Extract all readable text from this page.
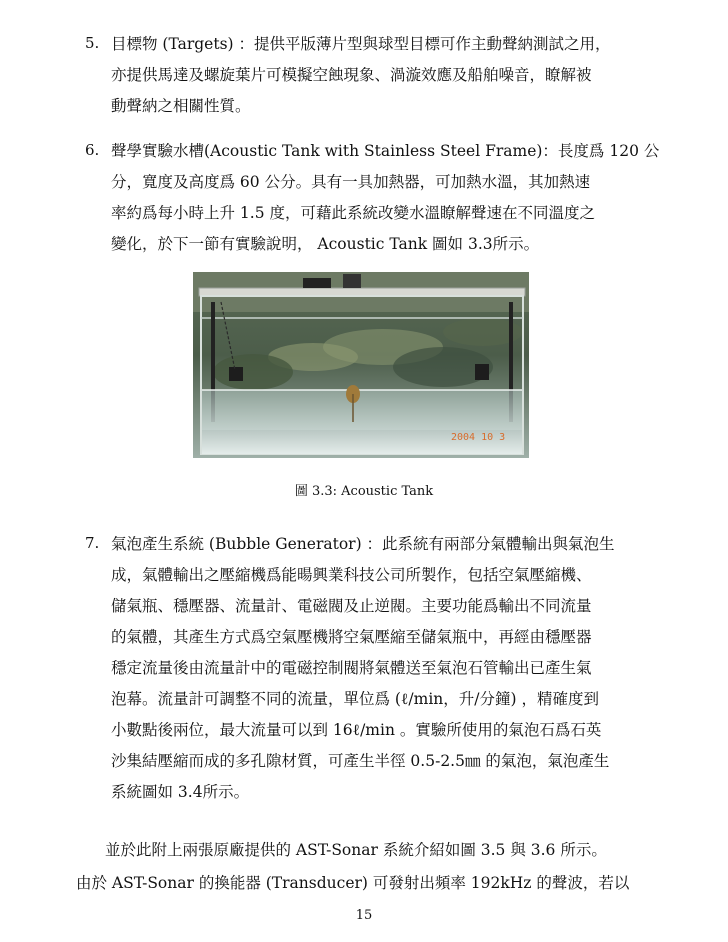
5. 目標物 (Targets) ：提供平版薄片型與球型目標可作主動聲納測試之用，
亦提供馬達及螺旋葉片可模擬空蝕現象、渦漩效應及船舶噪音，瞭解被
動聲納之相關性質。
6. 聲學實驗水槽(Acoustic Tank with Stainless Steel Frame)：長度爲 120 公
分，寬度及高度爲 60 公分。具有一具加熱器，可加熱水溫，其加熱速
率約爲每小時上升 1.5 度，可藉此系統改變水溫瞭解聲速在不同溫度之
變化，於下一節有實驗說明， Acoustic Tank 圖如 3.3所示。
2004 10 3
圖 3.3: Acoustic Tank
7. 氣泡產生系統 (Bubble Generator) ：此系統有兩部分氣體輸出與氣泡生
成，氣體輸出之壓縮機爲能暘興業科技公司所製作，包括空氣壓縮機、
儲氣瓶、穩壓器、流量計、電磁閥及止逆閥。主要功能爲輸出不同流量
的氣體，其產生方式爲空氣壓機將空氣壓縮至儲氣瓶中，再經由穩壓器
穩定流量後由流量計中的電磁控制閥將氣體送至氣泡石管輸出已產生氣
泡幕。流量計可調整不同的流量，單位爲 (ℓ/min，升/分鐘) ，精確度到
小數點後兩位，最大流量可以到 16ℓ/min 。實驗所使用的氣泡石爲石英
沙集結壓縮而成的多孔隙材質，可產生半徑 0.5-2.5㎜ 的氣泡，氣泡產生
系統圖如 3.4所示。
並於此附上兩張原廠提供的 AST-Sonar 系統介紹如圖 3.5 與 3.6 所示。
由於 AST-Sonar 的換能器 (Transducer) 可發射出頻率 192kHz 的聲波，若以
15
